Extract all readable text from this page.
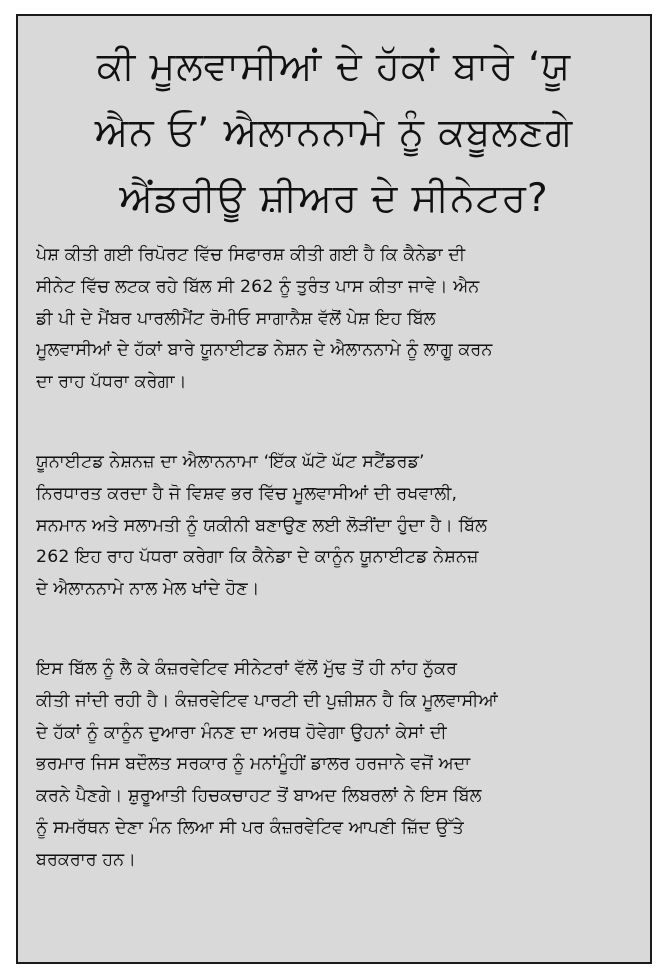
ਕੀ ਮੂਲਵਾਸੀਆਂ ਦੇ ਹੱਕਾਂ ਬਾਰੇ ‘ਯੂ
ਐਨ ਓ’ ਐਲਾਨਨਾਮੇ ਨੂੰ ਕਬੂਲਣਗੇ
ਐਂਡਰੀਊ ਸ਼ੀਅਰ ਦੇ ਸੀਨੇਟਰ?

ਪੇਸ਼ ਕੀਤੀ ਗਈ ਰਿਪੋਰਟ ਵਿੱਚ ਸਿਫਾਰਸ਼ ਕੀਤੀ ਗਈ ਹੈ ਕਿ ਕੈਨੇਡਾ ਦੀ
ਸੀਨੇਟ ਵਿੱਚ ਲਟਕ ਰਹੇ ਬਿੱਲ ਸੀ 262 ਨੂੰ ਤੁਰੰਤ ਪਾਸ ਕੀਤਾ ਜਾਵੇ। ਐਨ
ਡੀ ਪੀ ਦੇ ਮੈਂਬਰ ਪਾਰਲੀਮੈਂਟ ਰੋਮੀਓ ਸਾਗਾਨੈਸ਼ ਵੱਲੋਂ ਪੇਸ਼ ਇਹ ਬਿੱਲ
ਮੂਲਵਾਸੀਆਂ ਦੇ ਹੱਕਾਂ ਬਾਰੇ ਯੂਨਾਈਟਡ ਨੇਸ਼ਨ ਦੇ ਐਲਾਨਨਾਮੇ ਨੂੰ ਲਾਗੂ ਕਰਨ
ਦਾ ਰਾਹ ਪੱਧਰਾ ਕਰੇਗਾ।

ਯੂਨਾਈਟਡ ਨੇਸ਼ਨਜ਼ ਦਾ ਐਲਾਨਨਾਮਾ ‘ਇੱਕ ਘੱਟੋ ਘੱਟ ਸਟੈਂਡਰਡ’
ਨਿਰਧਾਰਤ ਕਰਦਾ ਹੈ ਜੋ ਵਿਸ਼ਵ ਭਰ ਵਿੱਚ ਮੂਲਵਾਸੀਆਂ ਦੀ ਰਖਵਾਲੀ,
ਸਨਮਾਨ ਅਤੇ ਸਲਾਮਤੀ ਨੂੰ ਯਕੀਨੀ ਬਣਾਉਣ ਲਈ ਲੋੜੀਂਦਾ ਹੁੰਦਾ ਹੈ। ਬਿੱਲ
262 ਇਹ ਰਾਹ ਪੱਧਰਾ ਕਰੇਗਾ ਕਿ ਕੈਨੇਡਾ ਦੇ ਕਾਨੂੰਨ ਯੂਨਾਈਟਡ ਨੇਸ਼ਨਜ਼
ਦੇ ਐਲਾਨਨਾਮੇ ਨਾਲ ਮੇਲ ਖਾਂਦੇ ਹੋਣ।

ਇਸ ਬਿੱਲ ਨੂੰ ਲੈ ਕੇ ਕੰਜ਼ਰਵੇਟਿਵ ਸੀਨੇਟਰਾਂ ਵੱਲੋਂ ਮੁੱਢ ਤੋਂ ਹੀ ਨਾਂਹ ਨੁੱਕਰ
ਕੀਤੀ ਜਾਂਦੀ ਰਹੀ ਹੈ। ਕੰਜ਼ਰਵੇਟਿਵ ਪਾਰਟੀ ਦੀ ਪੁਜ਼ੀਸ਼ਨ ਹੈ ਕਿ ਮੂਲਵਾਸੀਆਂ
ਦੇ ਹੱਕਾਂ ਨੂੰ ਕਾਨੂੰਨ ਦੁਆਰਾ ਮੰਨਣ ਦਾ ਅਰਥ ਹੋਵੇਗਾ ਉਹਨਾਂ ਕੇਸਾਂ ਦੀ
ਭਰਮਾਰ ਜਿਸ ਬਦੌਲਤ ਸਰਕਾਰ ਨੂੰ ਮਨਾਂਮੂੰਹੀਂ ਡਾਲਰ ਹਰਜਾਨੇ ਵਜੋਂ ਅਦਾ
ਕਰਨੇ ਪੈਣਗੇ। ਸ਼ੁਰੂਆਤੀ ਹਿਚਕਚਾਹਟ ਤੋਂ ਬਾਅਦ ਲਿਬਰਲਾਂ ਨੇ ਇਸ ਬਿੱਲ
ਨੂੰ ਸਮਰੱਥਨ ਦੇਣਾ ਮੰਨ ਲਿਆ ਸੀ ਪਰ ਕੰਜ਼ਰਵੇਟਿਵ ਆਪਣੀ ਜ਼ਿੱਦ ਉੱਤੇ
ਬਰਕਰਾਰ ਹਨ।
